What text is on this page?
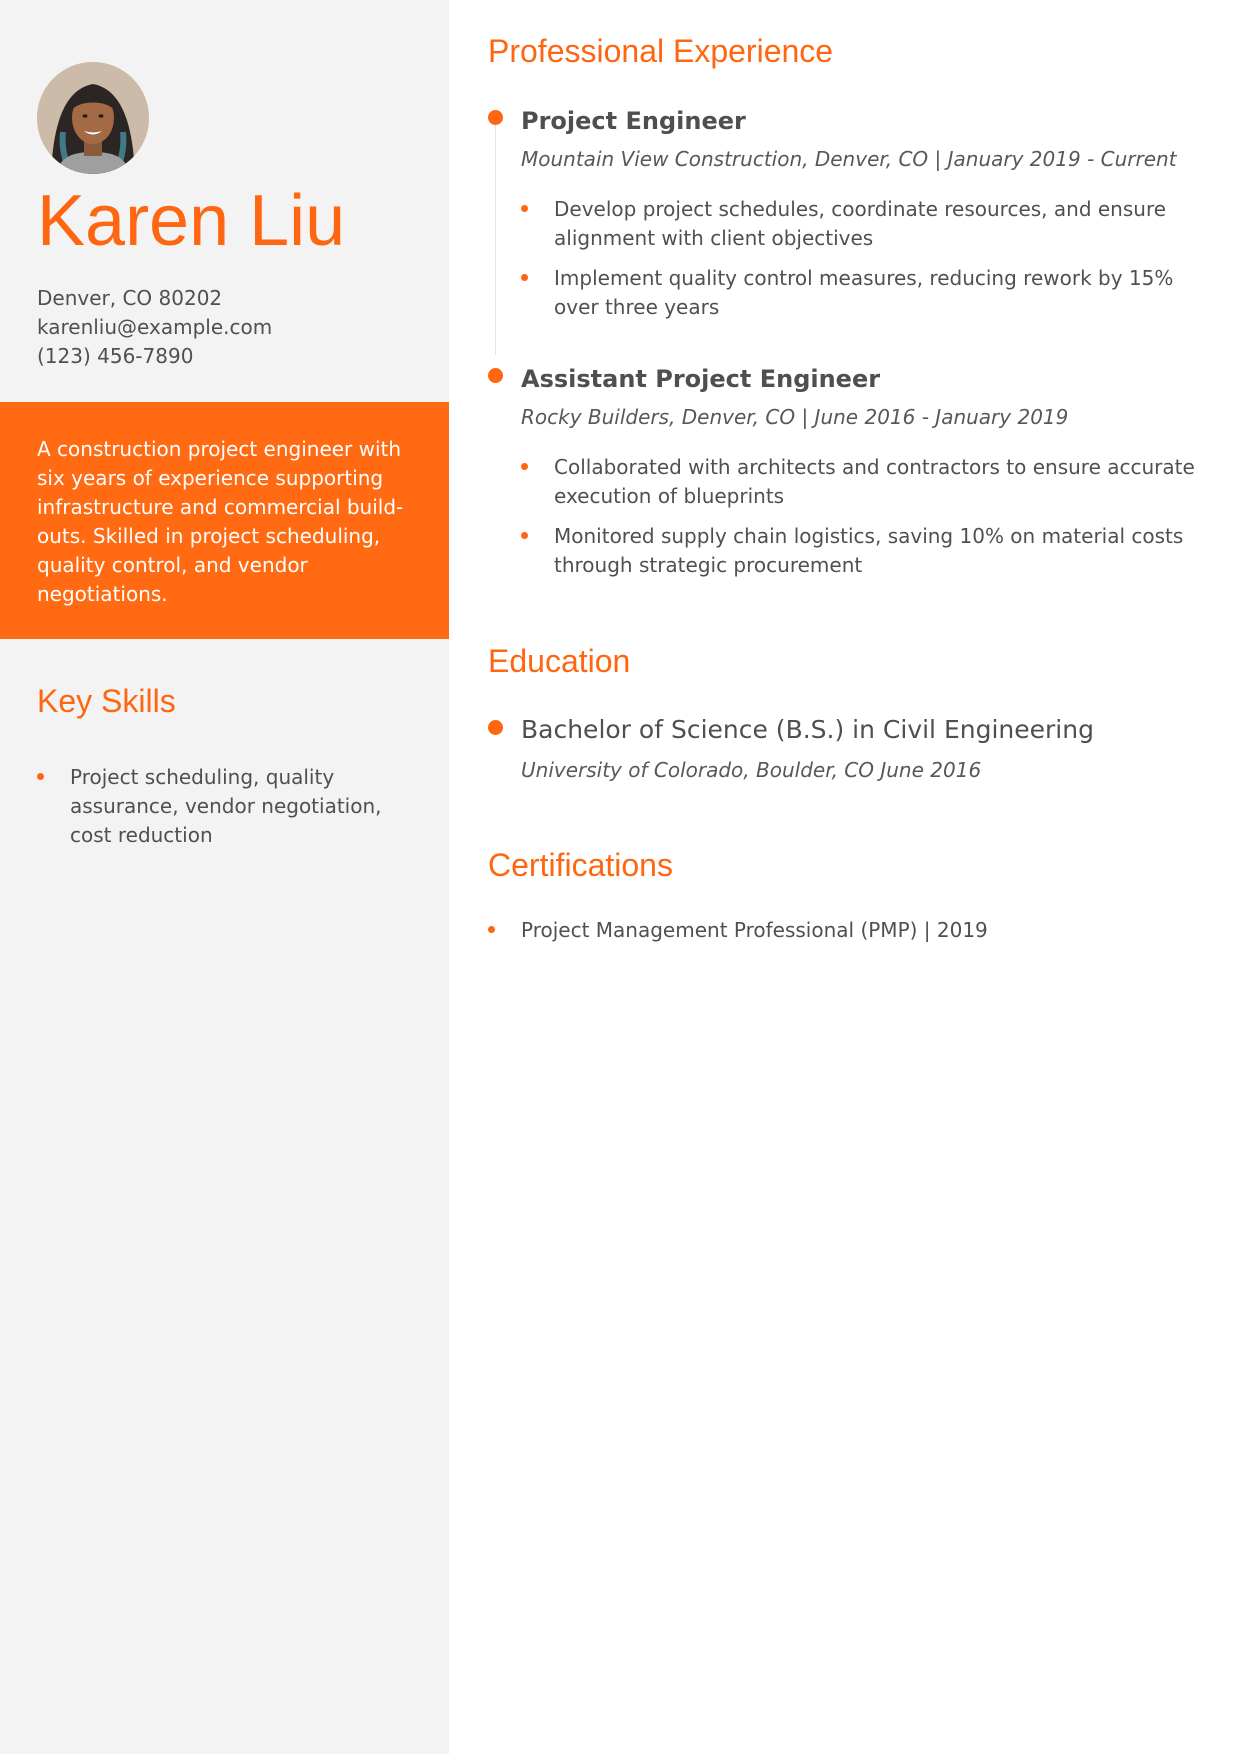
Karen Liu
Denver, CO 80202
karenliu@example.com
(123) 456-7890

A construction project engineer with six years of experience supporting infrastructure and commercial build-outs. Skilled in project scheduling, quality control, and vendor negotiations.

Key Skills
Project scheduling, quality assurance, vendor negotiation, cost reduction
Professional Experience
Project Engineer
Mountain View Construction, Denver, CO | January 2019 - Current
Develop project schedules, coordinate resources, and ensure alignment with client objectives
Implement quality control measures, reducing rework by 15% over three years
Assistant Project Engineer
Rocky Builders, Denver, CO | June 2016 - January 2019
Collaborated with architects and contractors to ensure accurate execution of blueprints
Monitored supply chain logistics, saving 10% on material costs through strategic procurement
Education
Bachelor of Science (B.S.) in Civil Engineering
University of Colorado, Boulder, CO June 2016
Certifications
Project Management Professional (PMP) | 2019
